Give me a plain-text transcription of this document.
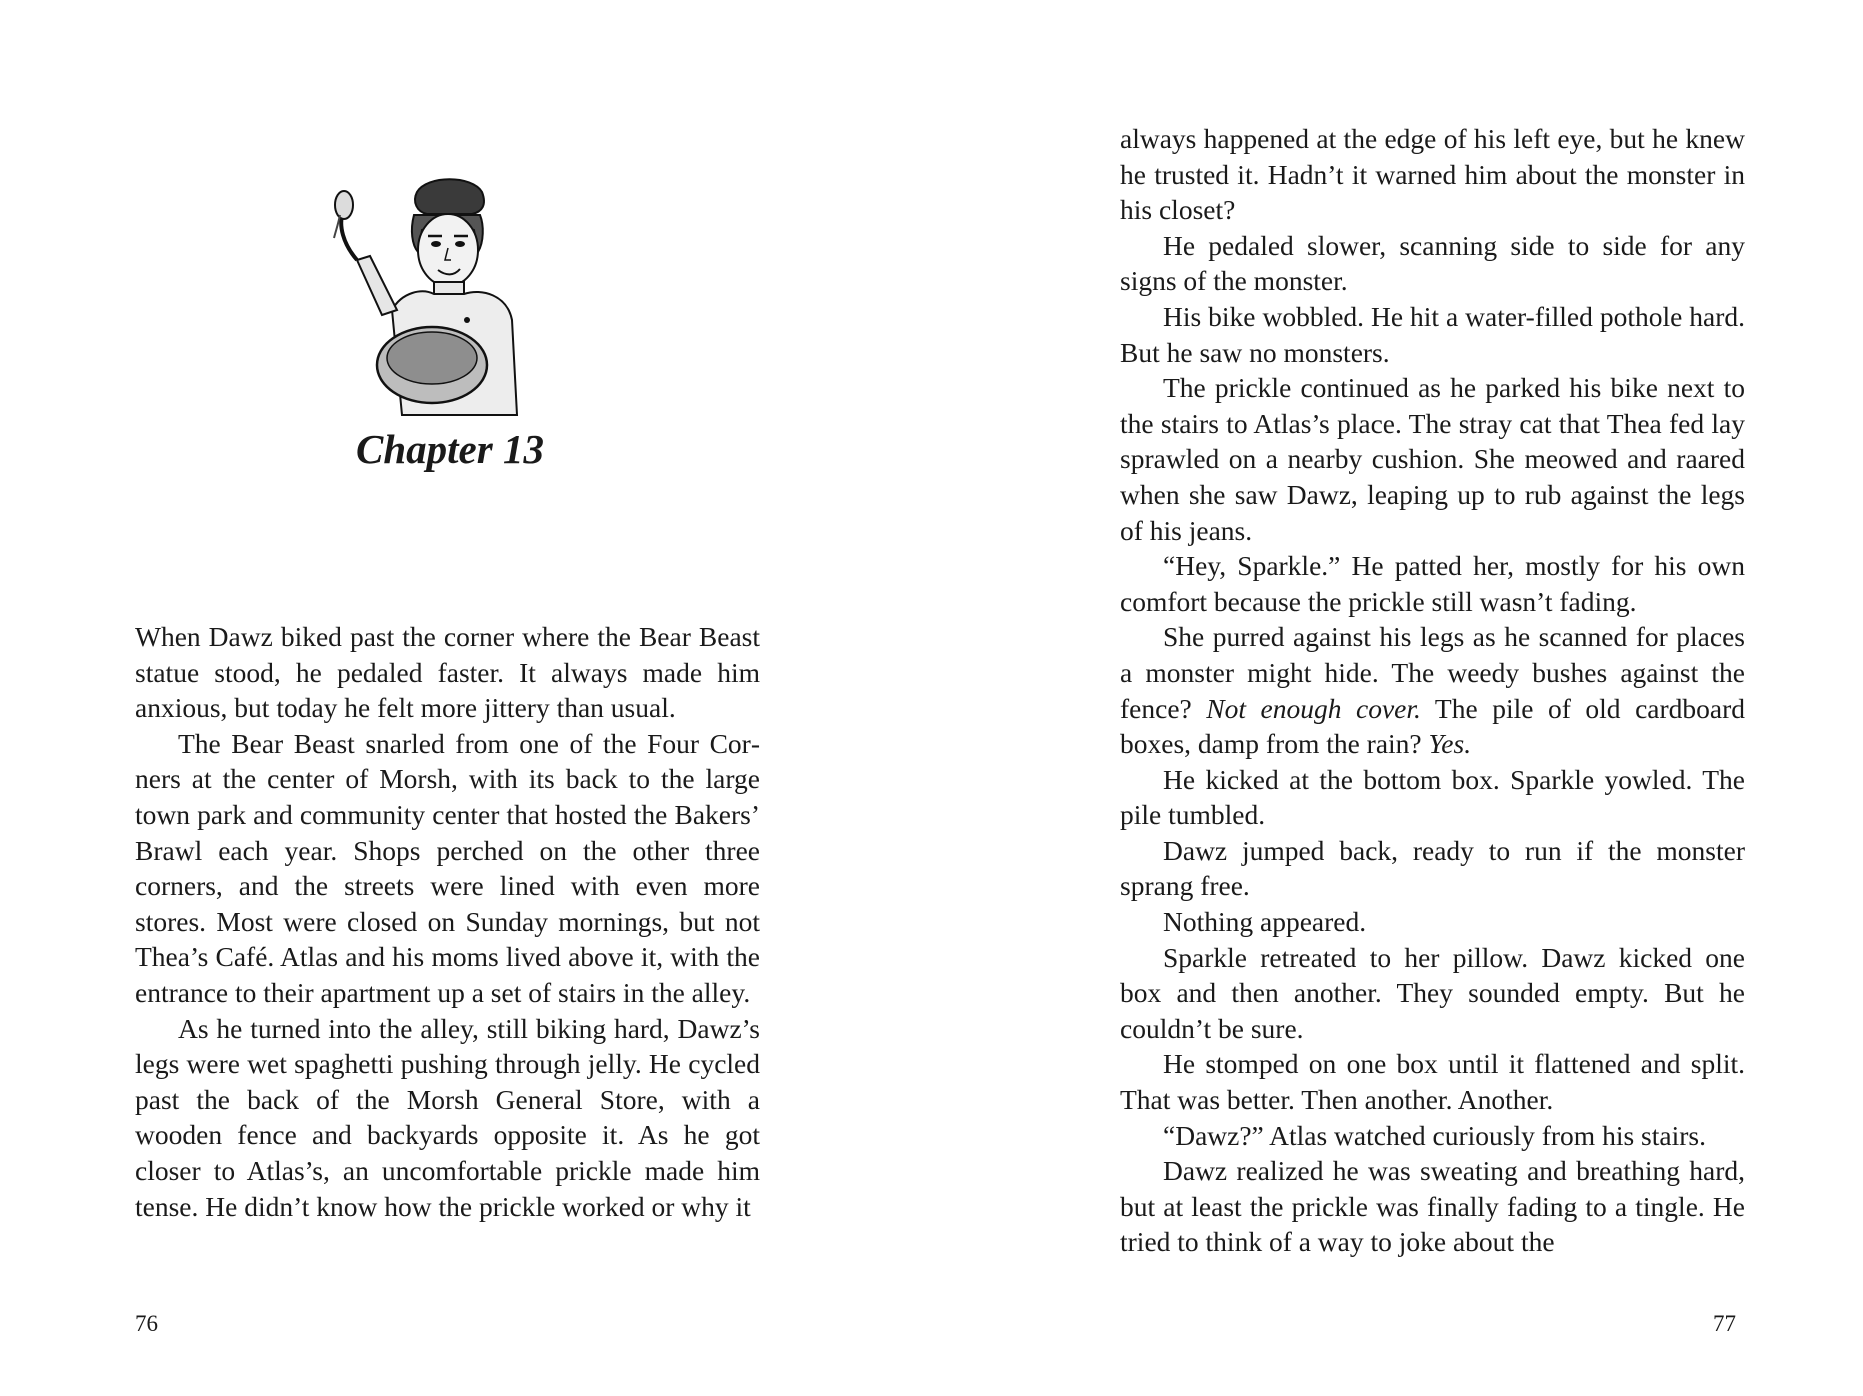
Chapter 13

When Dawz biked past the corner where the Bear Beast statue stood, he pedaled faster. It always made him anxious, but today he felt more jittery than usual.

The Bear Beast snarled from one of the Four Corners at the center of Morsh, with its back to the large town park and community center that hosted the Bakers’ Brawl each year. Shops perched on the other three corners, and the streets were lined with even more stores. Most were closed on Sunday mornings, but not Thea’s Café. Atlas and his moms lived above it, with the entrance to their apartment up a set of stairs in the alley.

As he turned into the alley, still biking hard, Dawz’s legs were wet spaghetti pushing through jelly. He cycled past the back of the Morsh General Store, with a wooden fence and backyards opposite it. As he got closer to Atlas’s, an uncomfortable prickle made him tense. He didn’t know how the prickle worked or why it

76

always happened at the edge of his left eye, but he knew he trusted it. Hadn’t it warned him about the monster in his closet?

He pedaled slower, scanning side to side for any signs of the monster.

His bike wobbled. He hit a water-filled pothole hard. But he saw no monsters.

The prickle continued as he parked his bike next to the stairs to Atlas’s place. The stray cat that Thea fed lay sprawled on a nearby cushion. She meowed and raared when she saw Dawz, leaping up to rub against the legs of his jeans.

“Hey, Sparkle.” He patted her, mostly for his own comfort because the prickle still wasn’t fading.

She purred against his legs as he scanned for places a monster might hide. The weedy bushes against the fence? Not enough cover. The pile of old cardboard boxes, damp from the rain? Yes.

He kicked at the bottom box. Sparkle yowled. The pile tumbled.

Dawz jumped back, ready to run if the monster sprang free.

Nothing appeared.

Sparkle retreated to her pillow. Dawz kicked one box and then another. They sounded empty. But he couldn’t be sure.

He stomped on one box until it flattened and split. That was better. Then another. Another.

“Dawz?” Atlas watched curiously from his stairs.

Dawz realized he was sweating and breathing hard, but at least the prickle was finally fading to a tingle. He tried to think of a way to joke about the

77
